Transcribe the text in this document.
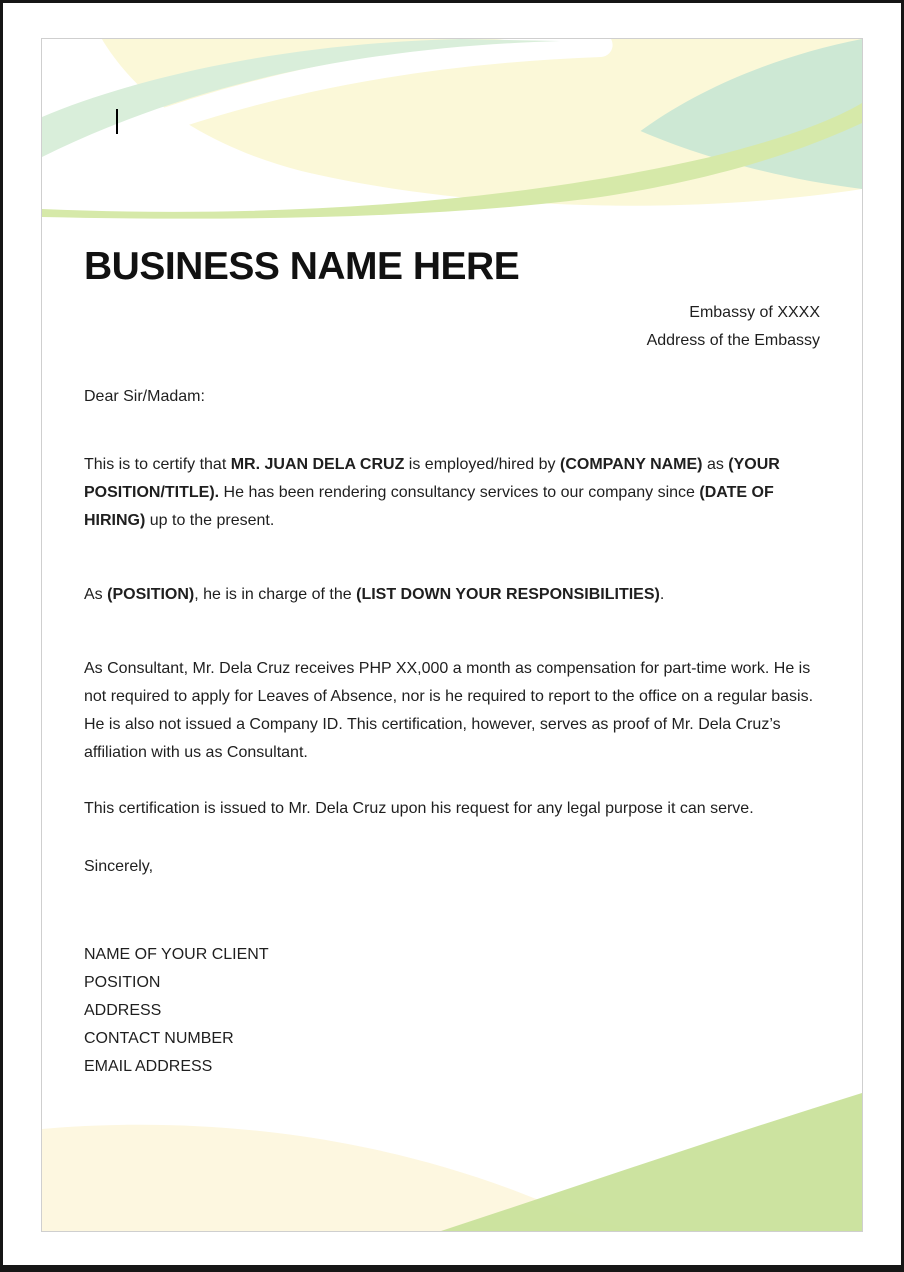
BUSINESS NAME HERE
Embassy of XXXX
Address of the Embassy

Dear Sir/Madam:

This is to certify that MR. JUAN DELA CRUZ is employed/hired by (COMPANY NAME) as (YOUR POSITION/TITLE). He has been rendering consultancy services to our company since (DATE OF HIRING) up to the present.

As (POSITION), he is in charge of the (LIST DOWN YOUR RESPONSIBILITIES).

As Consultant, Mr. Dela Cruz receives PHP XX,000 a month as compensation for part-time work. He is not required to apply for Leaves of Absence, nor is he required to report to the office on a regular basis. He is also not issued a Company ID. This certification, however, serves as proof of Mr. Dela Cruz’s affiliation with us as Consultant.

This certification is issued to Mr. Dela Cruz upon his request for any legal purpose it can serve.

Sincerely,

NAME OF YOUR CLIENT
POSITION
ADDRESS
CONTACT NUMBER
EMAIL ADDRESS
